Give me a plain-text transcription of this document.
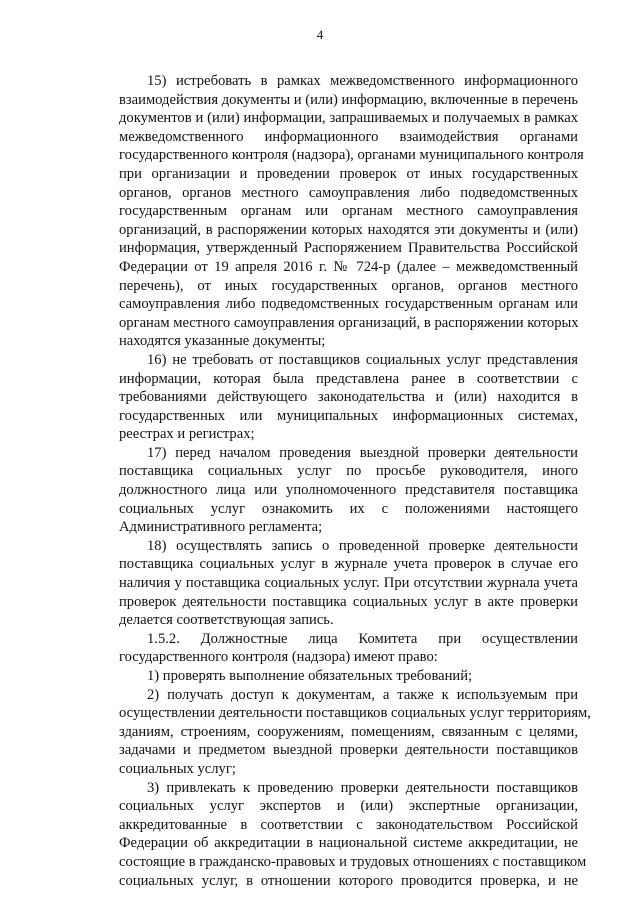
4
15) истребовать в рамках межведомственного информационного
взаимодействия документы и (или) информацию, включенные в перечень
документов и (или) информации, запрашиваемых и получаемых в рамках
межведомственного информационного взаимодействия органами
государственного контроля (надзора), органами муниципального контроля
при организации и проведении проверок от иных государственных
органов, органов местного самоуправления либо подведомственных
государственным органам или органам местного самоуправления
организаций, в распоряжении которых находятся эти документы и (или)
информация, утвержденный Распоряжением Правительства Российской
Федерации от 19 апреля 2016 г. № 724-р (далее – межведомственный
перечень), от иных государственных органов, органов местного
самоуправления либо подведомственных государственным органам или
органам местного самоуправления организаций, в распоряжении которых
находятся указанные документы;
16) не требовать от поставщиков социальных услуг представления
информации, которая была представлена ранее в соответствии с
требованиями действующего законодательства и (или) находится в
государственных или муниципальных информационных системах,
реестрах и регистрах;
17) перед началом проведения выездной проверки деятельности
поставщика социальных услуг по просьбе руководителя, иного
должностного лица или уполномоченного представителя поставщика
социальных услуг ознакомить их с положениями настоящего
Административного регламента;
18) осуществлять запись о проведенной проверке деятельности
поставщика социальных услуг в журнале учета проверок в случае его
наличия у поставщика социальных услуг. При отсутствии журнала учета
проверок деятельности поставщика социальных услуг в акте проверки
делается соответствующая запись.
1.5.2. Должностные лица Комитета при осуществлении
государственного контроля (надзора) имеют право:
1) проверять выполнение обязательных требований;
2) получать доступ к документам, а также к используемым при
осуществлении деятельности поставщиков социальных услуг территориям,
зданиям, строениям, сооружениям, помещениям, связанным с целями,
задачами и предметом выездной проверки деятельности поставщиков
социальных услуг;
3) привлекать к проведению проверки деятельности поставщиков
социальных услуг экспертов и (или) экспертные организации,
аккредитованные в соответствии с законодательством Российской
Федерации об аккредитации в национальной системе аккредитации, не
состоящие в гражданско-правовых и трудовых отношениях с поставщиком
социальных услуг, в отношении которого проводится проверка, и не
